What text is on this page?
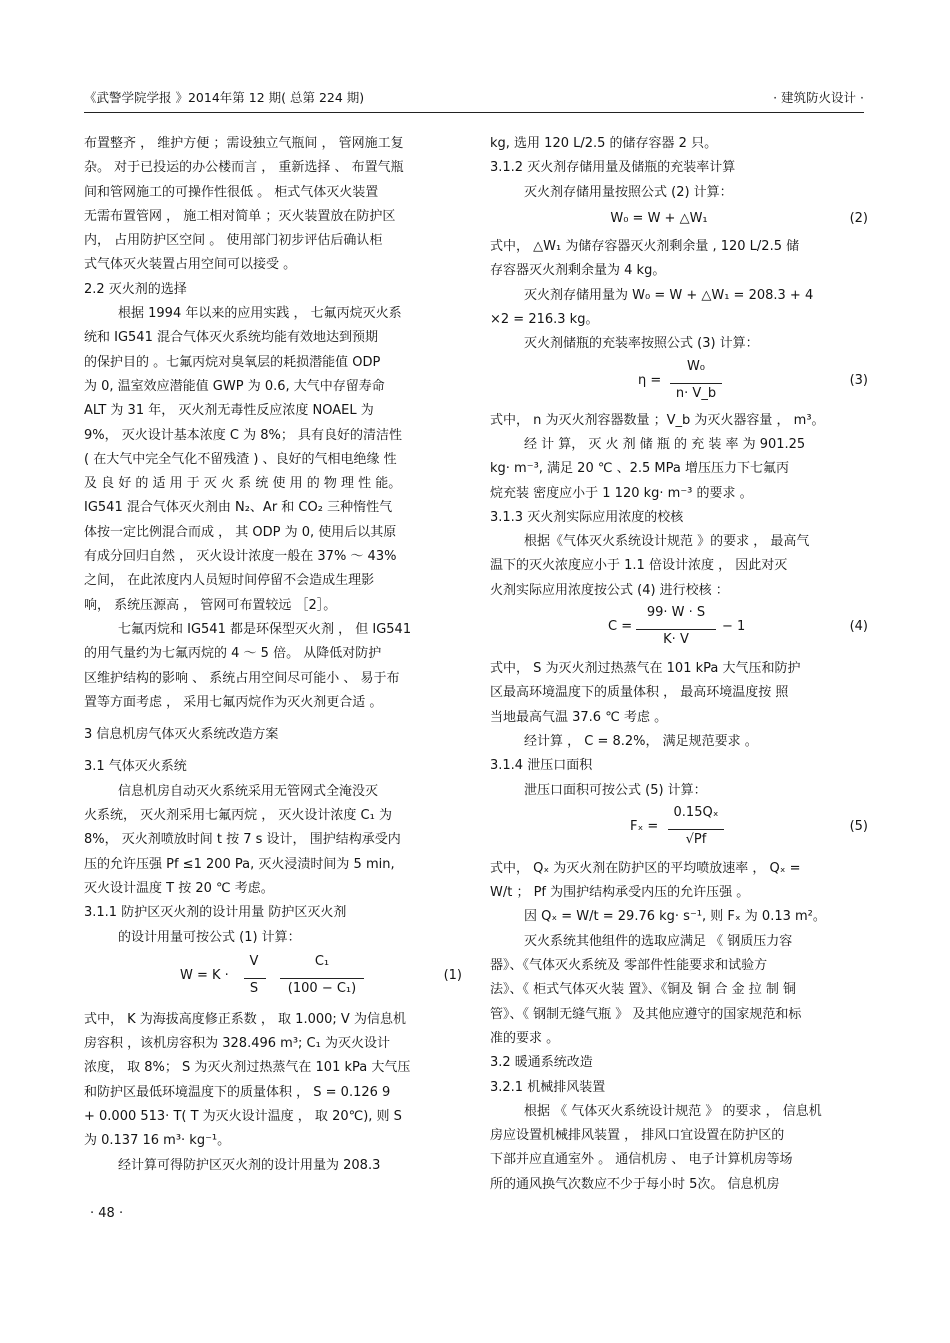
《武警学院学报 》2014年第 12 期( 总第 224 期)	· 建筑防火设计 ·
布置整齐 ， 维护方便 ；需设独立气瓶间 ， 管网施工复
杂。 对于已投运的办公楼而言 ， 重新选择 、 布置气瓶
间和管网施工的可操作性很低 。 柜式气体灭火装置
无需布置管网 ， 施工相对简单 ；灭火装置放在防护区
内， 占用防护区空间 。 使用部门初步评估后确认柜
式气体灭火装置占用空间可以接受 。
2.2 灭火剂的选择
根据 1994 年以来的应用实践 ， 七氟丙烷灭火系
统和 IG541 混合气体灭火系统均能有效地达到预期
的保护目的 。七氟丙烷对臭氧层的耗损潜能值 ODP
为 0, 温室效应潜能值 GWP 为 0.6, 大气中存留寿命
ALT 为 31 年， 灭火剂无毒性反应浓度 NOAEL 为
9%， 灭火设计基本浓度 C 为 8%； 具有良好的清洁性
( 在大气中完全气化不留残渣 ) 、良好的气相电绝缘 性
及 良 好 的 适 用 于 灭 火 系 统 使 用 的 物 理 性 能。
IG541 混合气体灭火剂由 N₂、Ar 和 CO₂ 三种惰性气
体按一定比例混合而成 ， 其 ODP 为 0, 使用后以其原
有成分回归自然 ， 灭火设计浓度一般在 37% ～ 43%
之间， 在此浓度内人员短时间停留不会造成生理影
响， 系统压源高 ， 管网可布置较远 ［2］。
七氟丙烷和 IG541 都是环保型灭火剂 ， 但 IG541
的用气量约为七氟丙烷的 4 ～ 5 倍。 从降低对防护
区维护结构的影响 、 系统占用空间尽可能小 、 易于布
置等方面考虑 ， 采用七氟丙烷作为灭火剂更合适 。
3 信息机房气体灭火系统改造方案
3.1 气体灭火系统
信息机房自动灭火系统采用无管网式全淹没灭
火系统， 灭火剂采用七氟丙烷 ， 灭火设计浓度 C₁ 为
8%， 灭火剂喷放时间 t 按 7 s 设计， 围护结构承受内
压的允许压强 Pf ≤1 200 Pa, 灭火浸渍时间为 5 min,
灭火设计温度 T 按 20 ℃ 考虑。
3.1.1 防护区灭火剂的设计用量 防护区灭火剂
的设计用量可按公式 (1) 计算：
W = K ·
V
S
C₁
(100 − C₁)
(1)
式中， K 为海拔高度修正系数 ， 取 1.000; V 为信息机
房容积 ，该机房容积为 328.496 m³; C₁ 为灭火设计
浓度， 取 8%； S 为灭火剂过热蒸气在 101 kPa 大气压
和防护区最低环境温度下的质量体积 ， S = 0.126 9
+ 0.000 513· T( T 为灭火设计温度 ， 取 20℃), 则 S
为 0.137 16 m³· kg⁻¹。
经计算可得防护区灭火剂的设计用量为 208.3
kg, 选用 120 L/2.5 的储存容器 2 只。
3.1.2 灭火剂存储用量及储瓶的充装率计算
灭火剂存储用量按照公式 (2) 计算：
W₀ = W + △W₁	(2)
式中， △W₁ 为储存容器灭火剂剩余量 , 120 L/2.5 储
存容器灭火剂剩余量为 4 kg。
灭火剂存储用量为 W₀ = W + △W₁ = 208.3 + 4
×2 = 216.3 kg。
灭火剂储瓶的充装率按照公式 (3) 计算：
η =
W₀
n· V_b
(3)
式中， n 为灭火剂容器数量 ；V_b 为灭火器容量 ， m³。
经 计 算， 灭 火 剂 储 瓶 的 充 装 率 为 901.25
kg· m⁻³, 满足 20 ℃ 、2.5 MPa 增压压力下七氟丙
烷充装 密度应小于 1 120 kg· m⁻³ 的要求 。
3.1.3 灭火剂实际应用浓度的校核
根据《气体灭火系统设计规范 》的要求 ， 最高气
温下的灭火浓度应小于 1.1 倍设计浓度 ， 因此对灭
火剂实际应用浓度按公式 (4) 进行校核 ：
C =
99· W · S
K· V
− 1	(4)
式中， S 为灭火剂过热蒸气在 101 kPa 大气压和防护
区最高环境温度下的质量体积 ， 最高环境温度按 照
当地最高气温 37.6 ℃ 考虑 。
经计算 ， C = 8.2%， 满足规范要求 。
3.1.4 泄压口面积
泄压口面积可按公式 (5) 计算：
Fₓ =
0.15Qₓ
√Pf
(5)
式中， Qₓ 为灭火剂在防护区的平均喷放速率 ， Qₓ =
W/t ； Pf 为围护结构承受内压的允许压强 。
因 Qₓ = W/t = 29.76 kg· s⁻¹, 则 Fₓ 为 0.13 m²。
灭火系统其他组件的选取应满足 《 钢质压力容
器》、《气体灭火系统及 零部件性能要求和试验方
法》、《 柜式气体灭火装 置》、《铜及 铜 合 金 拉 制 铜
管》、《 钢制无缝气瓶 》 及其他应遵守的国家规范和标
准的要求 。
3.2 暖通系统改造
3.2.1 机械排风装置
根据 《 气体灭火系统设计规范 》 的要求 ， 信息机
房应设置机械排风装置 ， 排风口宜设置在防护区的
下部并应直通室外 。 通信机房 、 电子计算机房等场
所的通风换气次数应不少于每小时 5次。 信息机房
· 48 ·
